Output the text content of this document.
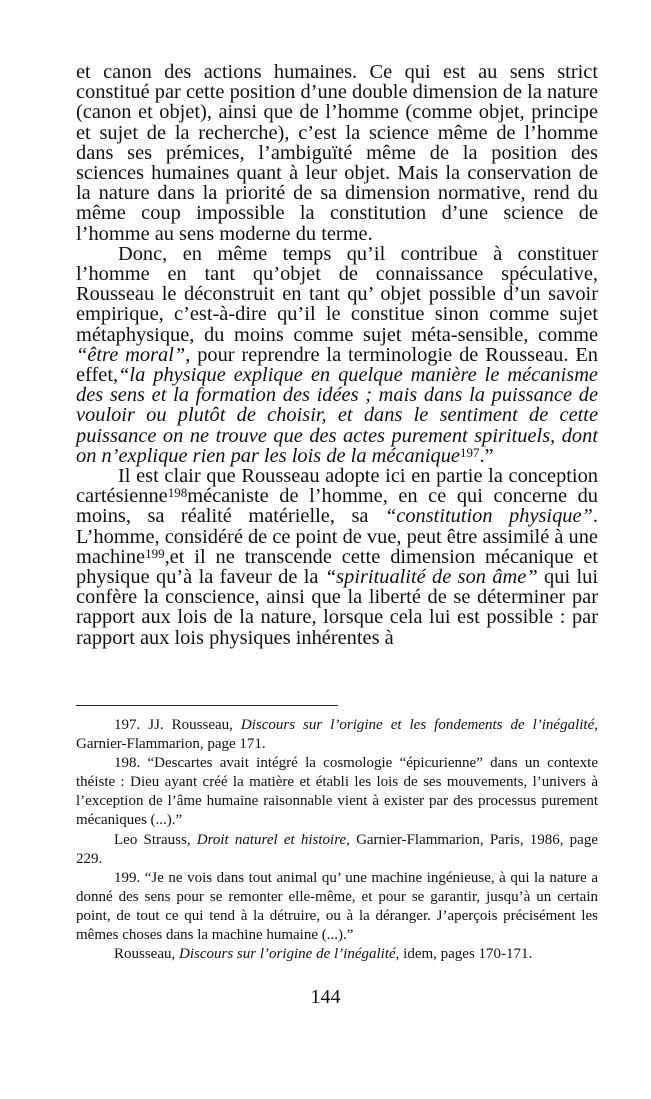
et canon des actions humaines. Ce qui est au sens strict constitué par cette position d’une double dimension de la nature (canon et objet), ainsi que de l’homme (comme objet, principe et sujet de la recherche), c’est la science même de l’homme dans ses prémices, l’ambiguïté même de la position des sciences humaines quant à leur objet. Mais la conservation de la nature dans la priorité de sa dimension normative, rend du même coup impossible la constitution d’une science de l’homme au sens moderne du terme.

Donc, en même temps qu’il contribue à constituer l’homme en tant qu’objet de connaissance spéculative, Rousseau le déconstruit en tant qu’ objet possible d’un savoir empirique, c’est-à-dire qu’il le constitue sinon comme sujet métaphysique, du moins comme sujet méta-sensible, comme “être moral”, pour reprendre la terminologie de Rousseau. En effet,“la physique explique en quelque manière le mécanisme des sens et la formation des idées ; mais dans la puissance de vouloir ou plutôt de choisir, et dans le sentiment de cette puissance on ne trouve que des actes purement spirituels, dont on n’explique rien par les lois de la mécanique$^{197}$.”

Il est clair que Rousseau adopte ici en partie la conception cartésienne$^{198}$mécaniste de l’homme, en ce qui concerne du moins, sa réalité matérielle, sa “constitution physique”. L’homme, considéré de ce point de vue, peut être assimilé à une machine$^{199}$,et il ne transcende cette dimension mécanique et physique qu’à la faveur de la “spiritualité de son âme” qui lui confère la conscience, ainsi que la liberté de se déterminer par rapport aux lois de la nature, lorsque cela lui est possible : par rapport aux lois physiques inhérentes à

197. JJ. Rousseau, Discours sur l’origine et les fondements de l’inégalité, Garnier-Flammarion, page 171.

198. “Descartes avait intégré la cosmologie “épicurienne” dans un contexte théiste : Dieu ayant créé la matière et établi les lois de ses mouvements, l’univers à l’exception de l’âme humaine raisonnable vient à exister par des processus purement mécaniques (...).”

Leo Strauss, Droit naturel et histoire, Garnier-Flammarion, Paris, 1986, page 229.

199. “Je ne vois dans tout animal qu’ une machine ingénieuse, à qui la nature a donné des sens pour se remonter elle-même, et pour se garantir, jusqu’à un certain point, de tout ce qui tend à la détruire, ou à la déranger. J’aperçois précisément les mêmes choses dans la machine humaine (...).”

Rousseau, Discours sur l’origine de l’inégalité, idem, pages 170-171.

144
